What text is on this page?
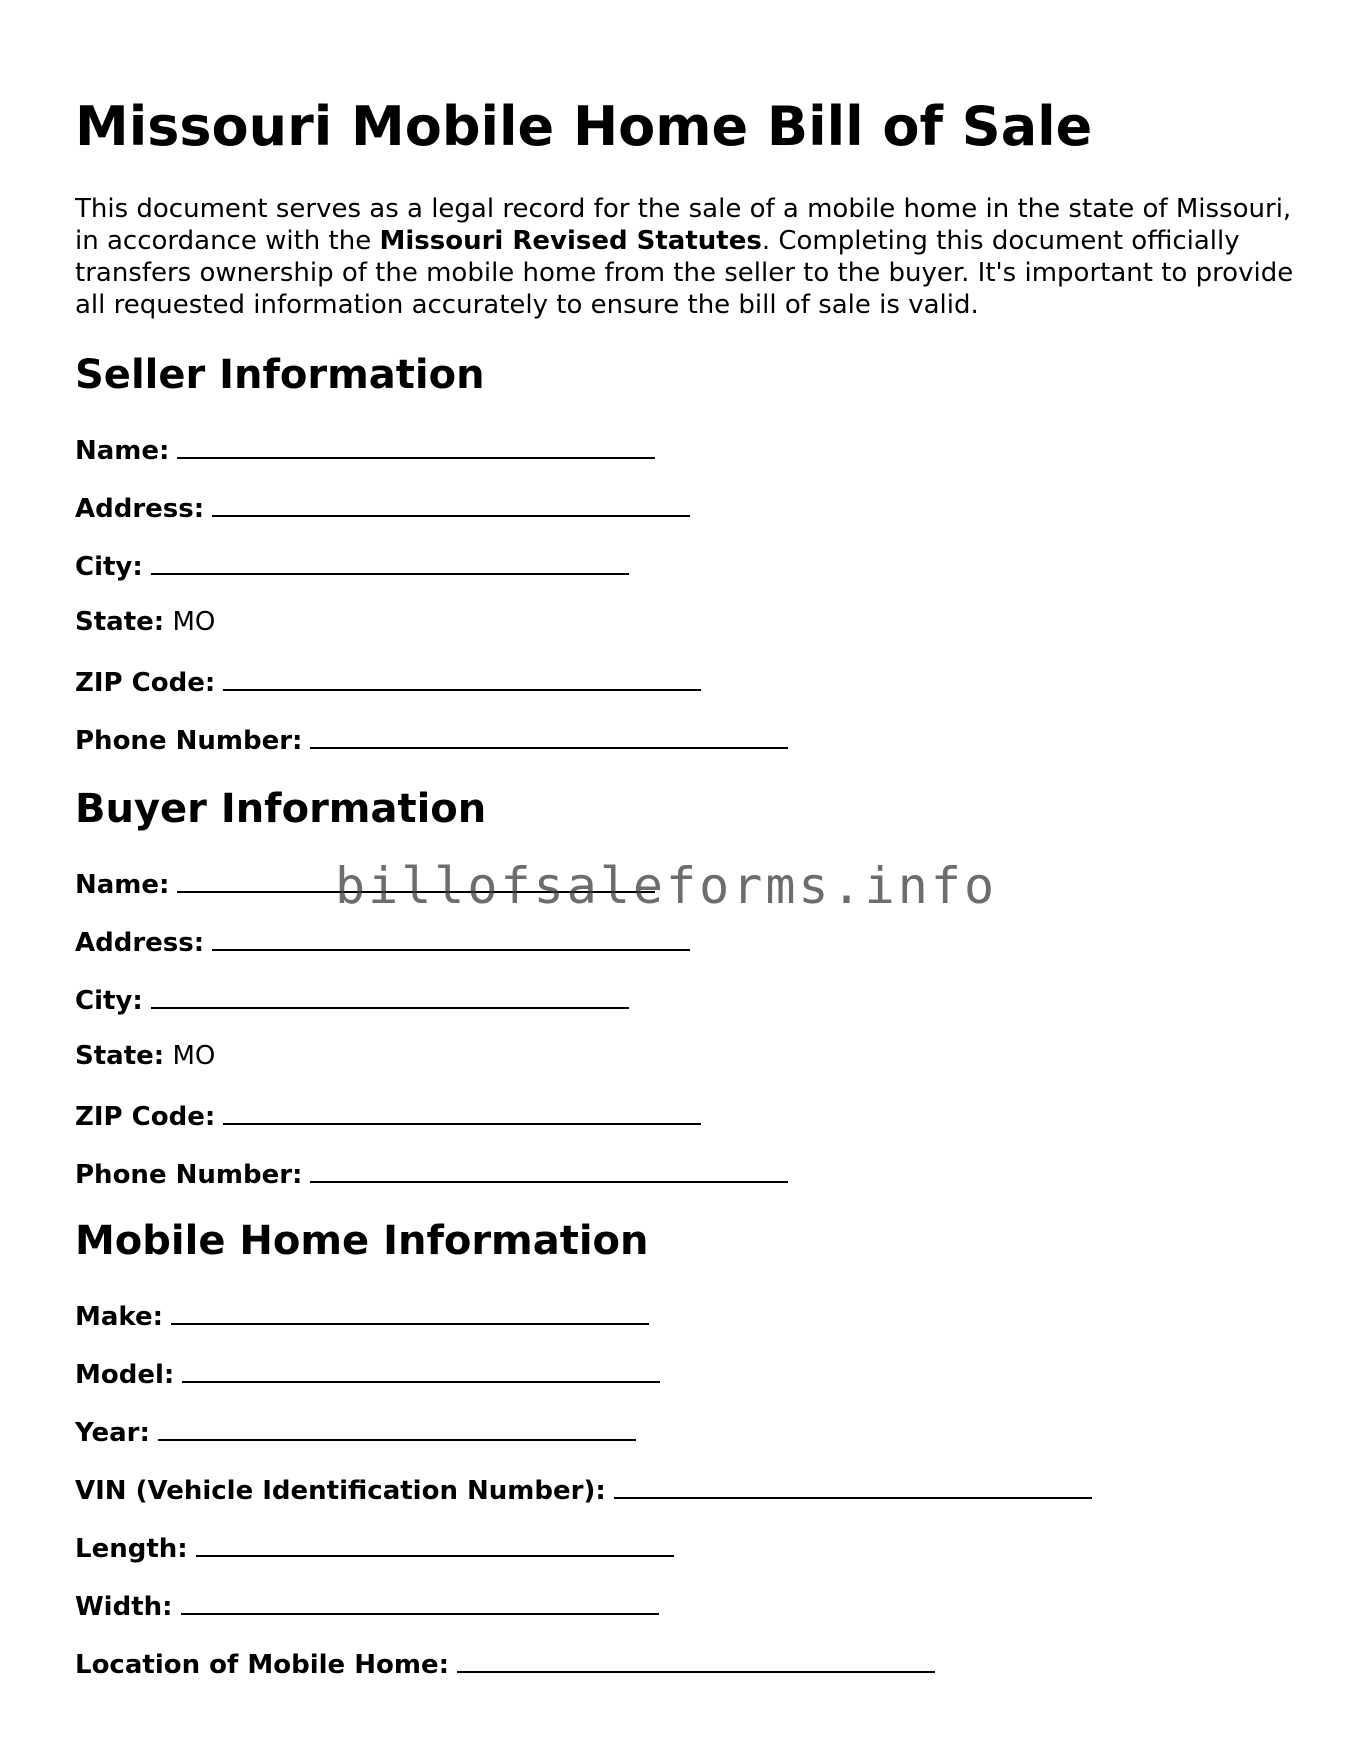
Missouri Mobile Home Bill of Sale

This document serves as a legal record for the sale of a mobile home in the state of Missouri, in accordance with the Missouri Revised Statutes. Completing this document officially transfers ownership of the mobile home from the seller to the buyer. It's important to provide all requested information accurately to ensure the bill of sale is valid.

Seller Information
Name:
Address:
City:
State: MO
ZIP Code:
Phone Number:
Buyer Information
Name:
Address:
City:
State: MO
ZIP Code:
Phone Number:
Mobile Home Information
Make:
Model:
Year:
VIN (Vehicle Identification Number):
Length:
Width:
Location of Mobile Home:
billofsaleforms.info
